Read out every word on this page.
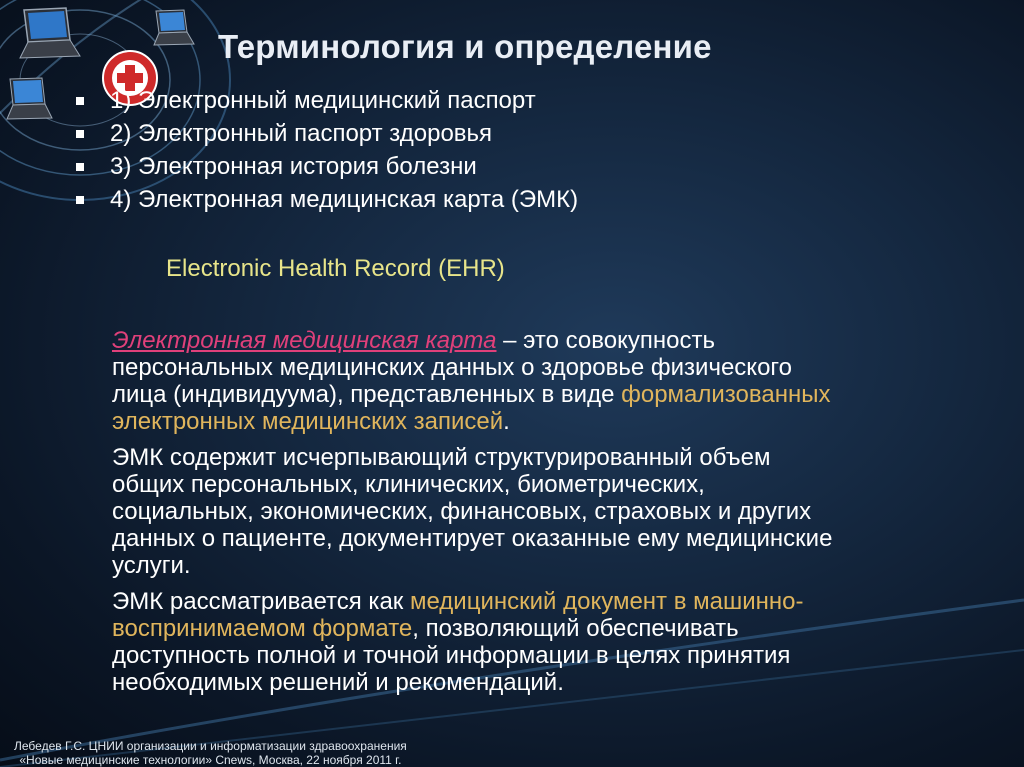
Терминология и определение
1) Электронный медицинский паспорт
2) Электронный паспорт здоровья
3) Электронная история болезни
4) Электронная медицинская карта (ЭМК)
Electronic Health Record (EHR)
Электронная медицинская карта – это совокупность
персональных медицинских данных о здоровье физического
лица (индивидуума), представленных в виде формализованных
электронных медицинских записей.
ЭМК содержит исчерпывающий структурированный объем
общих персональных, клинических, биометрических,
социальных, экономических, финансовых, страховых и других
данных о пациенте, документирует оказанные ему медицинские
услуги.
ЭМК рассматривается как медицинский документ в машинно-
воспринимаемом формате, позволяющий обеспечивать
доступность полной и точной информации в целях принятия
необходимых решений и рекомендаций.
Лебедев Г.С. ЦНИИ организации и информатизации здравоохранения
«Новые медицинские технологии» Cnews, Москва, 22 ноября 2011 г.
